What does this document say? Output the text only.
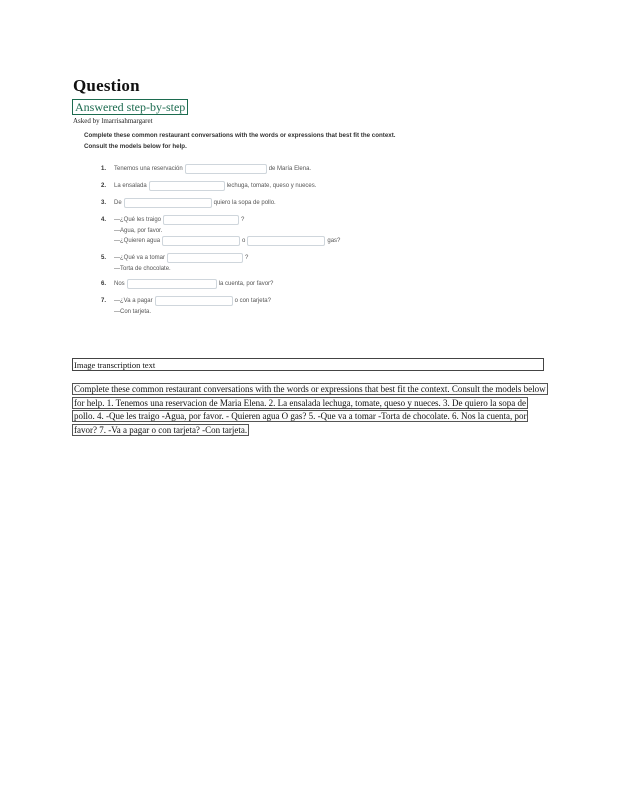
Question
Answered step-by-step
Asked by lmarrisahmargaret
Complete these common restaurant conversations with the words or expressions that best fit the context.
Consult the models below for help.
1. Tenemos una reservación	de María Elena.
2. La ensalada	lechuga, tomate, queso y nueces.
3. De	quiero la sopa de pollo.
4. —¿Qué les traigo	?
—Agua, por favor.
—¿Quieren agua	o	gas?
5. —¿Qué va a tomar	?
—Torta de chocolate.
6. Nos	la cuenta, por favor?
7. —¿Va a pagar	o con tarjeta?
—Con tarjeta.
Image transcription text
Complete these common restaurant conversations with the words or expressions that best fit the context. Consult the models below for help. 1. Tenemos una reservacion de Maria Elena. 2. La ensalada lechuga, tomate, queso y nueces. 3. De quiero la sopa de pollo. 4. -Que les traigo -Agua, por favor. - Quieren agua O gas? 5. -Que va a tomar -Torta de chocolate. 6. Nos la cuenta, por favor? 7. -Va a pagar o con tarjeta? -Con tarjeta.
